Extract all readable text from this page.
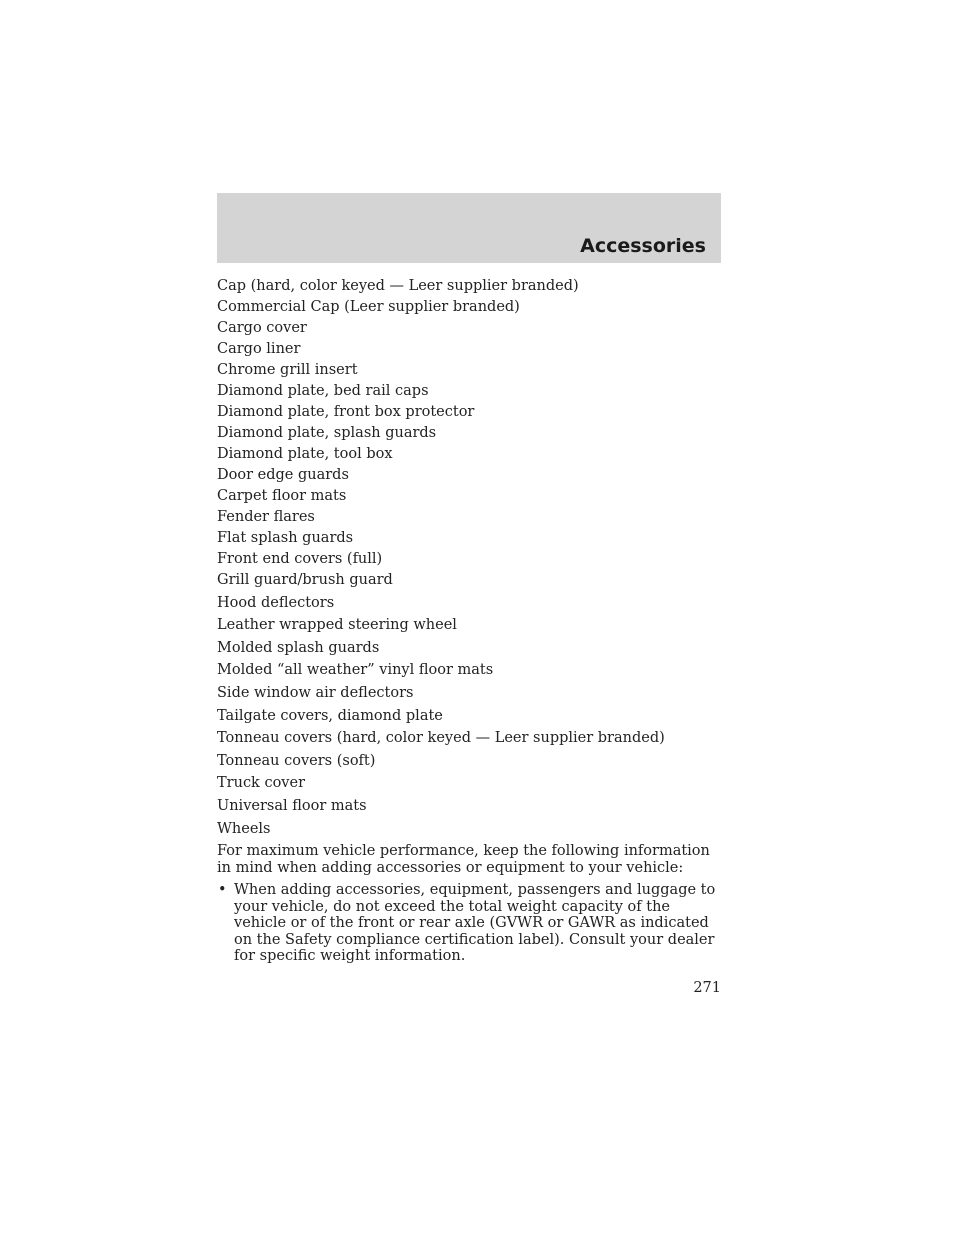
Accessories
Cap (hard, color keyed — Leer supplier branded)
Commercial Cap (Leer supplier branded)
Cargo cover
Cargo liner
Chrome grill insert
Diamond plate, bed rail caps
Diamond plate, front box protector
Diamond plate, splash guards
Diamond plate, tool box
Door edge guards
Carpet floor mats
Fender flares
Flat splash guards
Front end covers (full)
Grill guard/brush guard
Hood deflectors
Leather wrapped steering wheel
Molded splash guards
Molded “all weather” vinyl floor mats
Side window air deflectors
Tailgate covers, diamond plate
Tonneau covers (hard, color keyed — Leer supplier branded)
Tonneau covers (soft)
Truck cover
Universal floor mats
Wheels

For maximum vehicle performance, keep the following information in mind when adding accessories or equipment to your vehicle:

• When adding accessories, equipment, passengers and luggage to your vehicle, do not exceed the total weight capacity of the vehicle or of the front or rear axle (GVWR or GAWR as indicated on the Safety compliance certification label). Consult your dealer for specific weight information.
271
